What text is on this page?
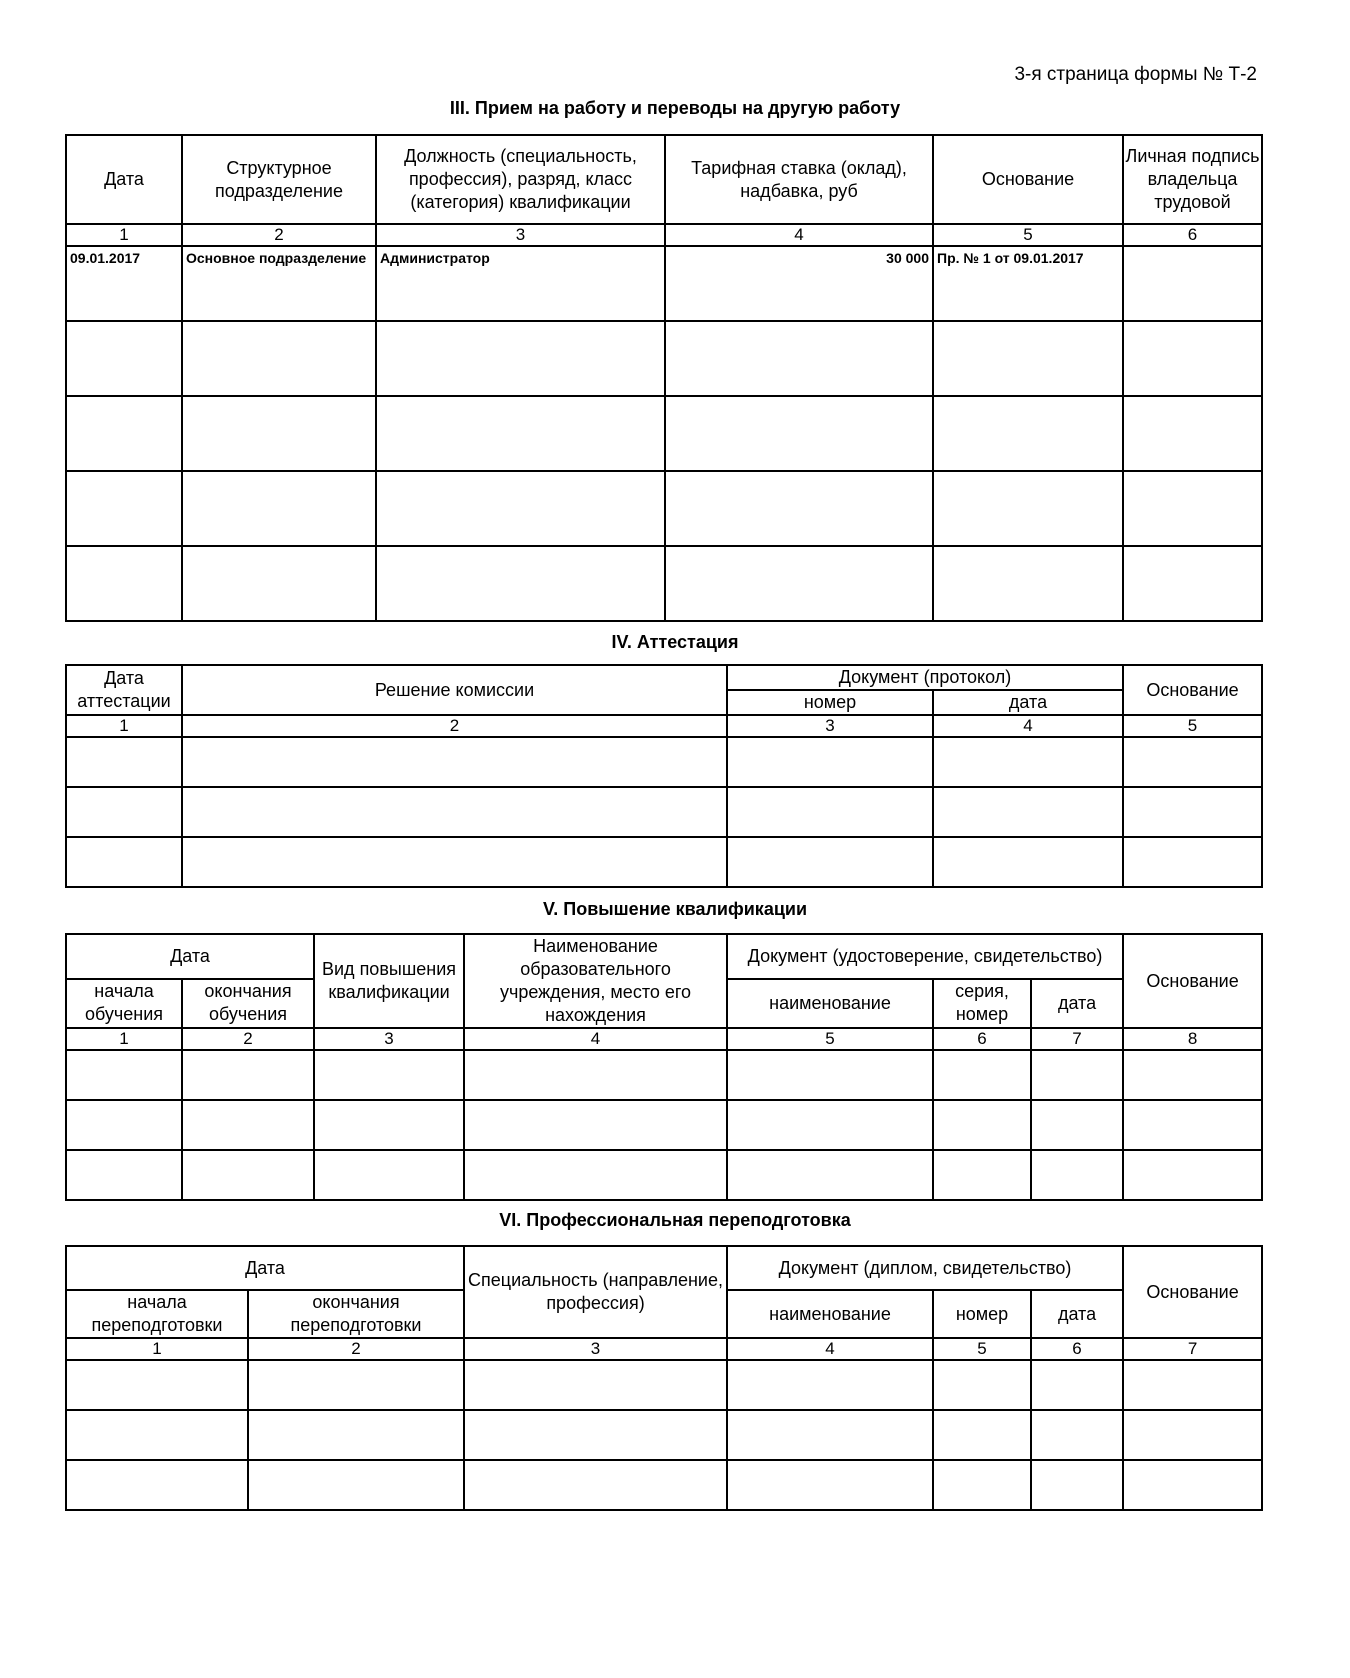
3-я страница формы № Т-2
III. Прием на работу и переводы на другую работу
Дата	Структурное подразделение	Должность (специальность, профессия), разряд, класс (категория) квалификации	Тарифная ставка (оклад), надбавка, руб	Основание	Личная подпись владельца трудовой
1	2	3	4	5	6
09.01.2017	Основное подразделение	Администратор	30 000	Пр. № 1 от 09.01.2017	

IV. Аттестация
Дата аттестации	Решение комиссии	Документ (протокол)		Основание
		номер	дата	
1	2	3	4	5

V. Повышение квалификации
Дата		Вид повышения квалификации	Наименование образовательного учреждения, место его нахождения	Документ (удостоверение, свидетельство)			Основание
начала обучения	окончания обучения			наименование	серия, номер	дата	
1	2	3	4	5	6	7	8

VI. Профессиональная переподготовка
Дата		Специальность (направление, профессия)	Документ (диплом, свидетельство)			Основание
начала переподготовки	окончания переподготовки		наименование	номер	дата	
1	2	3	4	5	6	7
